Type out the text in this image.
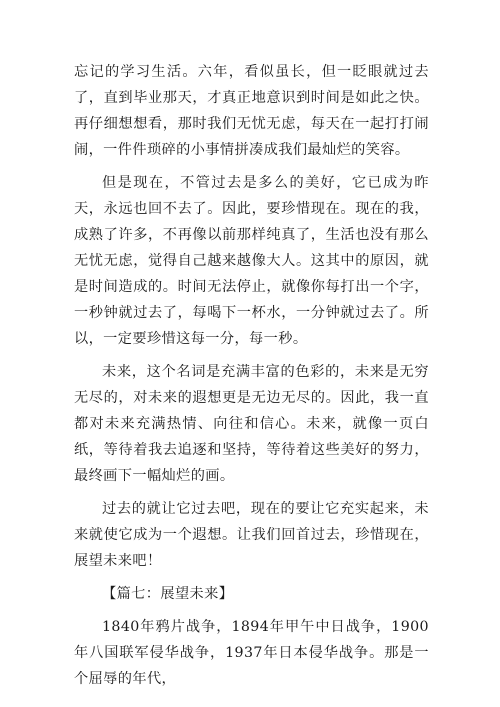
忘记的学习生活。六年，看似虽长，但一眨眼就过去了，直到毕业那天，才真正地意识到时间是如此之快。再仔细想想看，那时我们无忧无虑，每天在一起打打闹闹，一件件琐碎的小事情拼凑成我们最灿烂的笑容。

但是现在，不管过去是多么的美好，它已成为昨天，永远也回不去了。因此，要珍惜现在。现在的我，成熟了许多，不再像以前那样纯真了，生活也没有那么无忧无虑，觉得自己越来越像大人。这其中的原因，就是时间造成的。时间无法停止，就像你每打出一个字，一秒钟就过去了，每喝下一杯水，一分钟就过去了。所以，一定要珍惜这每一分，每一秒。

未来，这个名词是充满丰富的色彩的，未来是无穷无尽的，对未来的遐想更是无边无尽的。因此，我一直都对未来充满热情、向往和信心。未来，就像一页白纸，等待着我去追逐和坚持，等待着这些美好的努力，最终画下一幅灿烂的画。

过去的就让它过去吧，现在的要让它充实起来，未来就使它成为一个遐想。让我们回首过去，珍惜现在，展望未来吧！

【篇七：展望未来】

1840年鸦片战争，1894年甲午中日战争，1900年八国联军侵华战争，1937年日本侵华战争。那是一个屈辱的年代，
